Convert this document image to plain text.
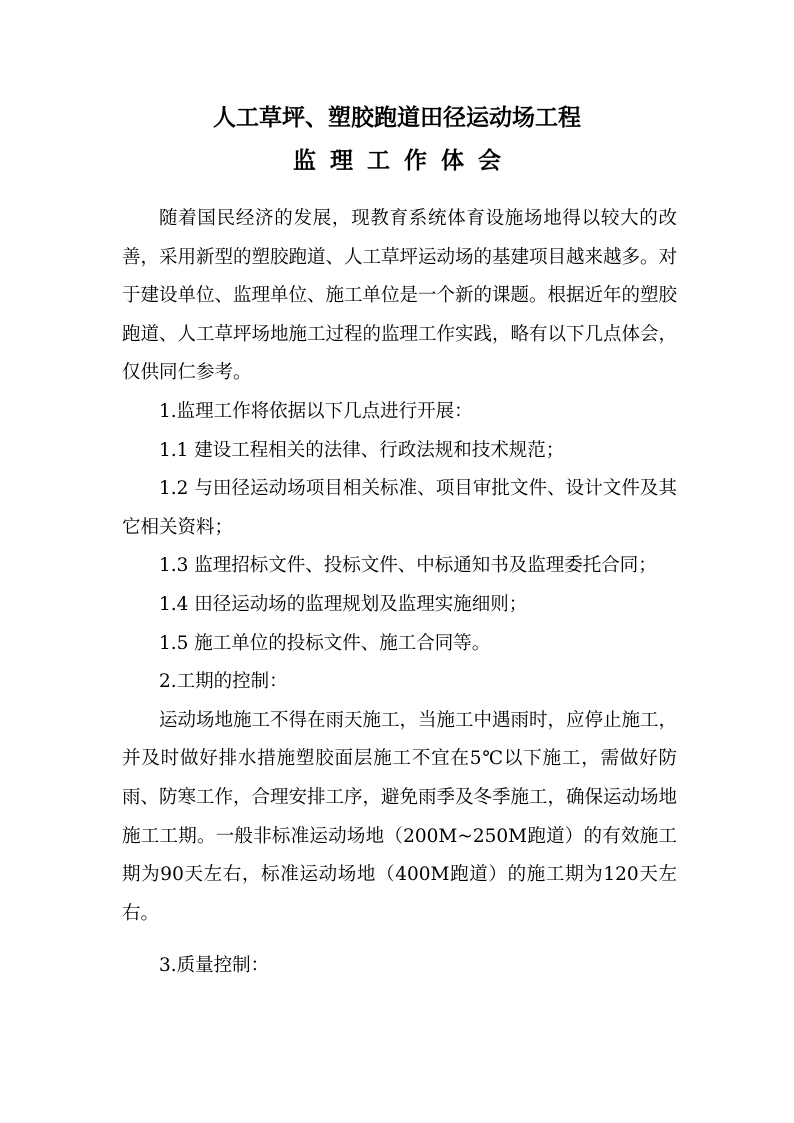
人工草坪、塑胶跑道田径运动场工程
监理工作体会

随着国民经济的发展，现教育系统体育设施场地得以较大的改善，采用新型的塑胶跑道、人工草坪运动场的基建项目越来越多。对于建设单位、监理单位、施工单位是一个新的课题。根据近年的塑胶跑道、人工草坪场地施工过程的监理工作实践，略有以下几点体会，仅供同仁参考。

1.监理工作将依据以下几点进行开展：

1.1 建设工程相关的法律、行政法规和技术规范；

1.2 与田径运动场项目相关标准、项目审批文件、设计文件及其它相关资料；

1.3 监理招标文件、投标文件、中标通知书及监理委托合同；

1.4 田径运动场的监理规划及监理实施细则；

1.5 施工单位的投标文件、施工合同等。

2.工期的控制：

运动场地施工不得在雨天施工，当施工中遇雨时，应停止施工，并及时做好排水措施塑胶面层施工不宜在5℃以下施工，需做好防雨、防寒工作，合理安排工序，避免雨季及冬季施工，确保运动场地施工工期。一般非标准运动场地（200M~250M跑道）的有效施工期为90天左右，标准运动场地（400M跑道）的施工期为120天左右。

3.质量控制：
